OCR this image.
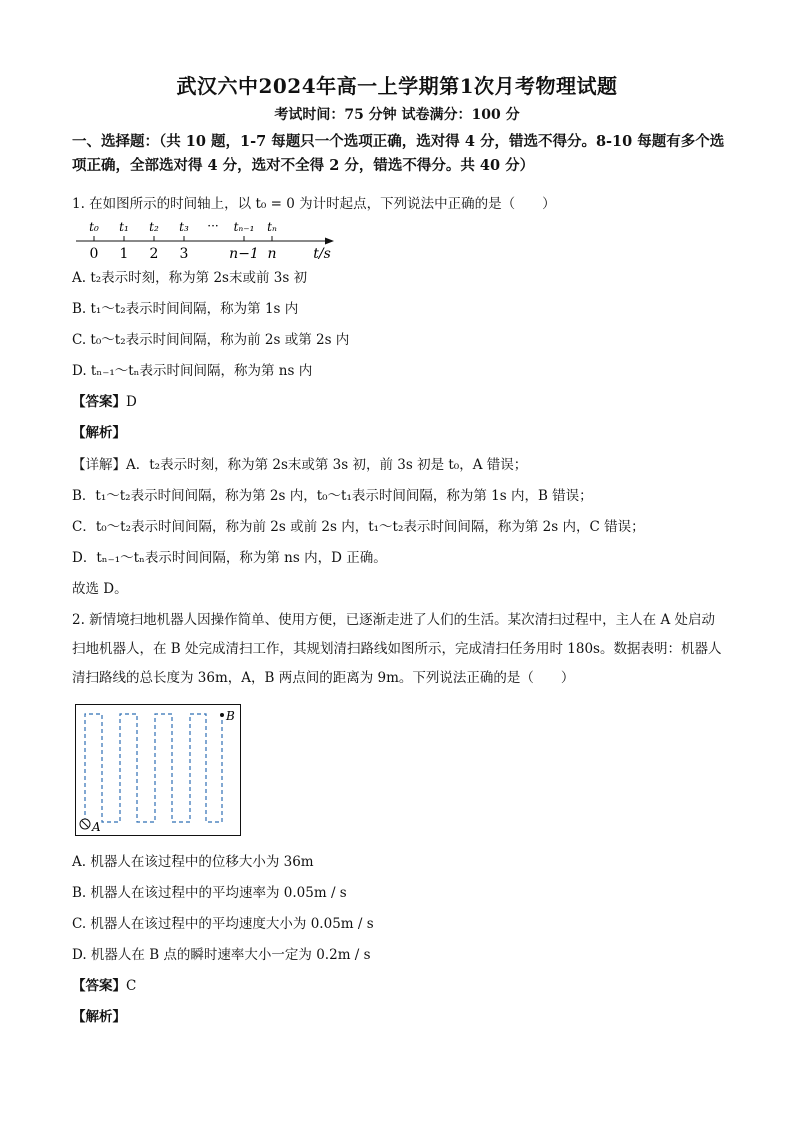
武汉六中2024年高一上学期第1次月考物理试题
考试时间：75 分钟 试卷满分：100 分
一、选择题：（共 10 题，1-7 每题只一个选项正确，选对得 4 分，错选不得分。8-10 每题有多个选项正确，全部选对得 4 分，选对不全得 2 分，错选不得分。共 40 分）
1. 在如图所示的时间轴上，以 t₀ = 0 为计时起点，下列说法中正确的是（　　）
t₀ t₁ t₂ t₃ ··· tₙ₋₁ tₙ
0 1 2 3	n−1 n	t/s
A. t₂表示时刻，称为第 2s末或前 3s 初
B. t₁～t₂表示时间间隔，称为第 1s 内
C. t₀～t₂表示时间间隔，称为前 2s 或第 2s 内
D. tₙ₋₁～tₙ表示时间间隔，称为第 ns 内
【答案】D
【解析】
【详解】A．t₂表示时刻，称为第 2s末或第 3s 初，前 3s 初是 t₀，A 错误；
B．t₁～t₂表示时间间隔，称为第 2s 内，t₀～t₁表示时间间隔，称为第 1s 内，B 错误；
C．t₀～t₂表示时间间隔，称为前 2s 或前 2s 内，t₁～t₂表示时间间隔，称为第 2s 内，C 错误；
D．tₙ₋₁～tₙ表示时间间隔，称为第 ns 内，D 正确。
故选 D。
2. 新情境扫地机器人因操作简单、使用方便，已逐渐走进了人们的生活。某次清扫过程中，主人在 A 处启动扫地机器人，在 B 处完成清扫工作，其规划清扫路线如图所示，完成清扫任务用时 180s。数据表明：机器人清扫路线的总长度为 36m，A，B 两点间的距离为 9m。下列说法正确的是（　　）
A
B
A. 机器人在该过程中的位移大小为 36m
B. 机器人在该过程中的平均速率为 0.05m / s
C. 机器人在该过程中的平均速度大小为 0.05m / s
D. 机器人在 B 点的瞬时速率大小一定为 0.2m / s
【答案】C
【解析】
